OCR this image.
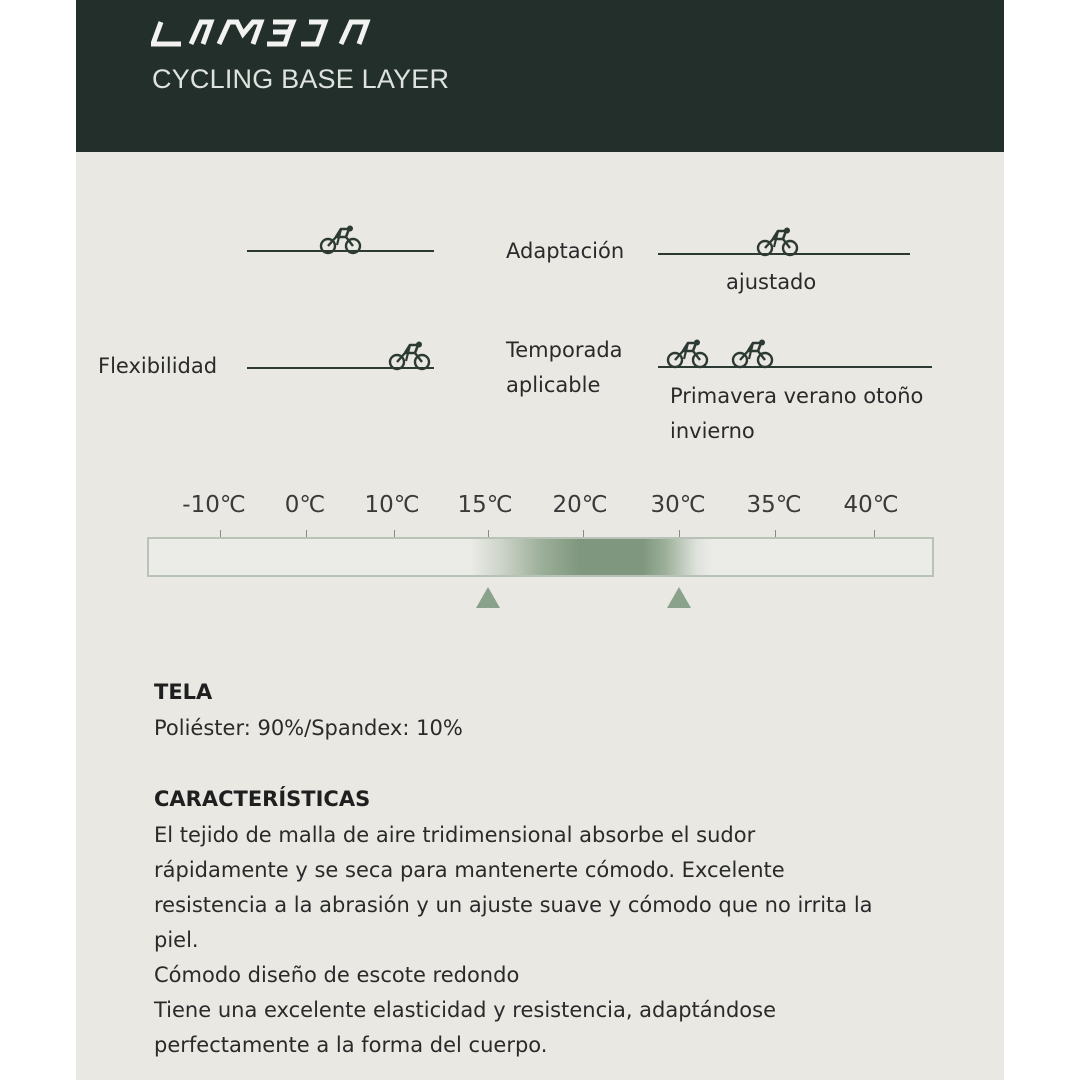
CYCLING BASE LAYER
Adaptación
ajustado
Flexibilidad
Temporada
aplicable	Primavera verano otoño
invierno
-10℃	0℃	10℃	15℃	20℃	30℃	35℃	40℃
TELA

Poliéster: 90%/Spandex: 10%

CARACTERÍSTICAS

El tejido de malla de aire tridimensional absorbe el sudor

rápidamente y se seca para mantenerte cómodo. Excelente

resistencia a la abrasión y un ajuste suave y cómodo que no irrita la

piel.

Cómodo diseño de escote redondo

Tiene una excelente elasticidad y resistencia, adaptándose

perfectamente a la forma del cuerpo.
